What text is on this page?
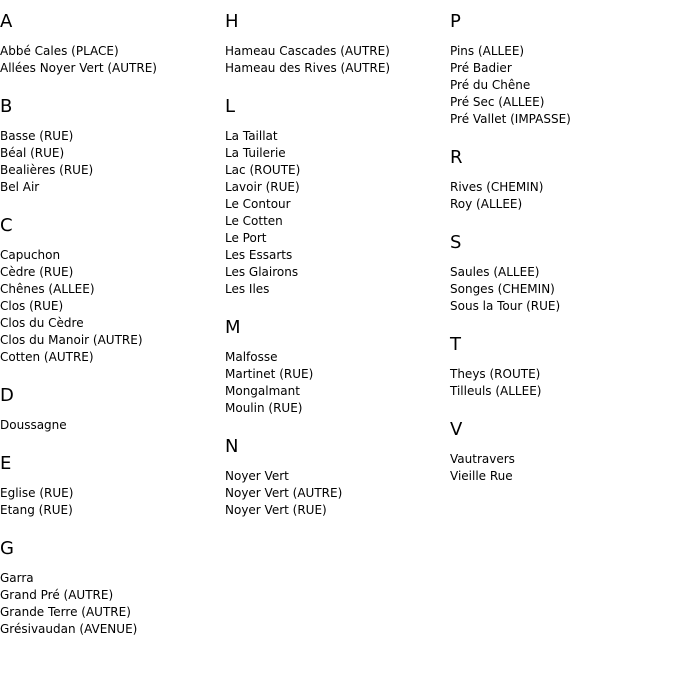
A
Abbé Cales (PLACE)
Allées Noyer Vert (AUTRE)
B
Basse (RUE)
Béal (RUE)
Bealières (RUE)
Bel Air
C
Capuchon
Cèdre (RUE)
Chênes (ALLEE)
Clos (RUE)
Clos du Cèdre
Clos du Manoir (AUTRE)
Cotten (AUTRE)
D
Doussagne
E
Eglise (RUE)
Etang (RUE)
G
Garra
Grand Pré (AUTRE)
Grande Terre (AUTRE)
Grésivaudan (AVENUE)
H
Hameau Cascades (AUTRE)
Hameau des Rives (AUTRE)
L
La Taillat
La Tuilerie
Lac (ROUTE)
Lavoir (RUE)
Le Contour
Le Cotten
Le Port
Les Essarts
Les Glairons
Les Iles
M
Malfosse
Martinet (RUE)
Mongalmant
Moulin (RUE)
N
Noyer Vert
Noyer Vert (AUTRE)
Noyer Vert (RUE)
P
Pins (ALLEE)
Pré Badier
Pré du Chêne
Pré Sec (ALLEE)
Pré Vallet (IMPASSE)
R
Rives (CHEMIN)
Roy (ALLEE)
S
Saules (ALLEE)
Songes (CHEMIN)
Sous la Tour (RUE)
T
Theys (ROUTE)
Tilleuls (ALLEE)
V
Vautravers
Vieille Rue
